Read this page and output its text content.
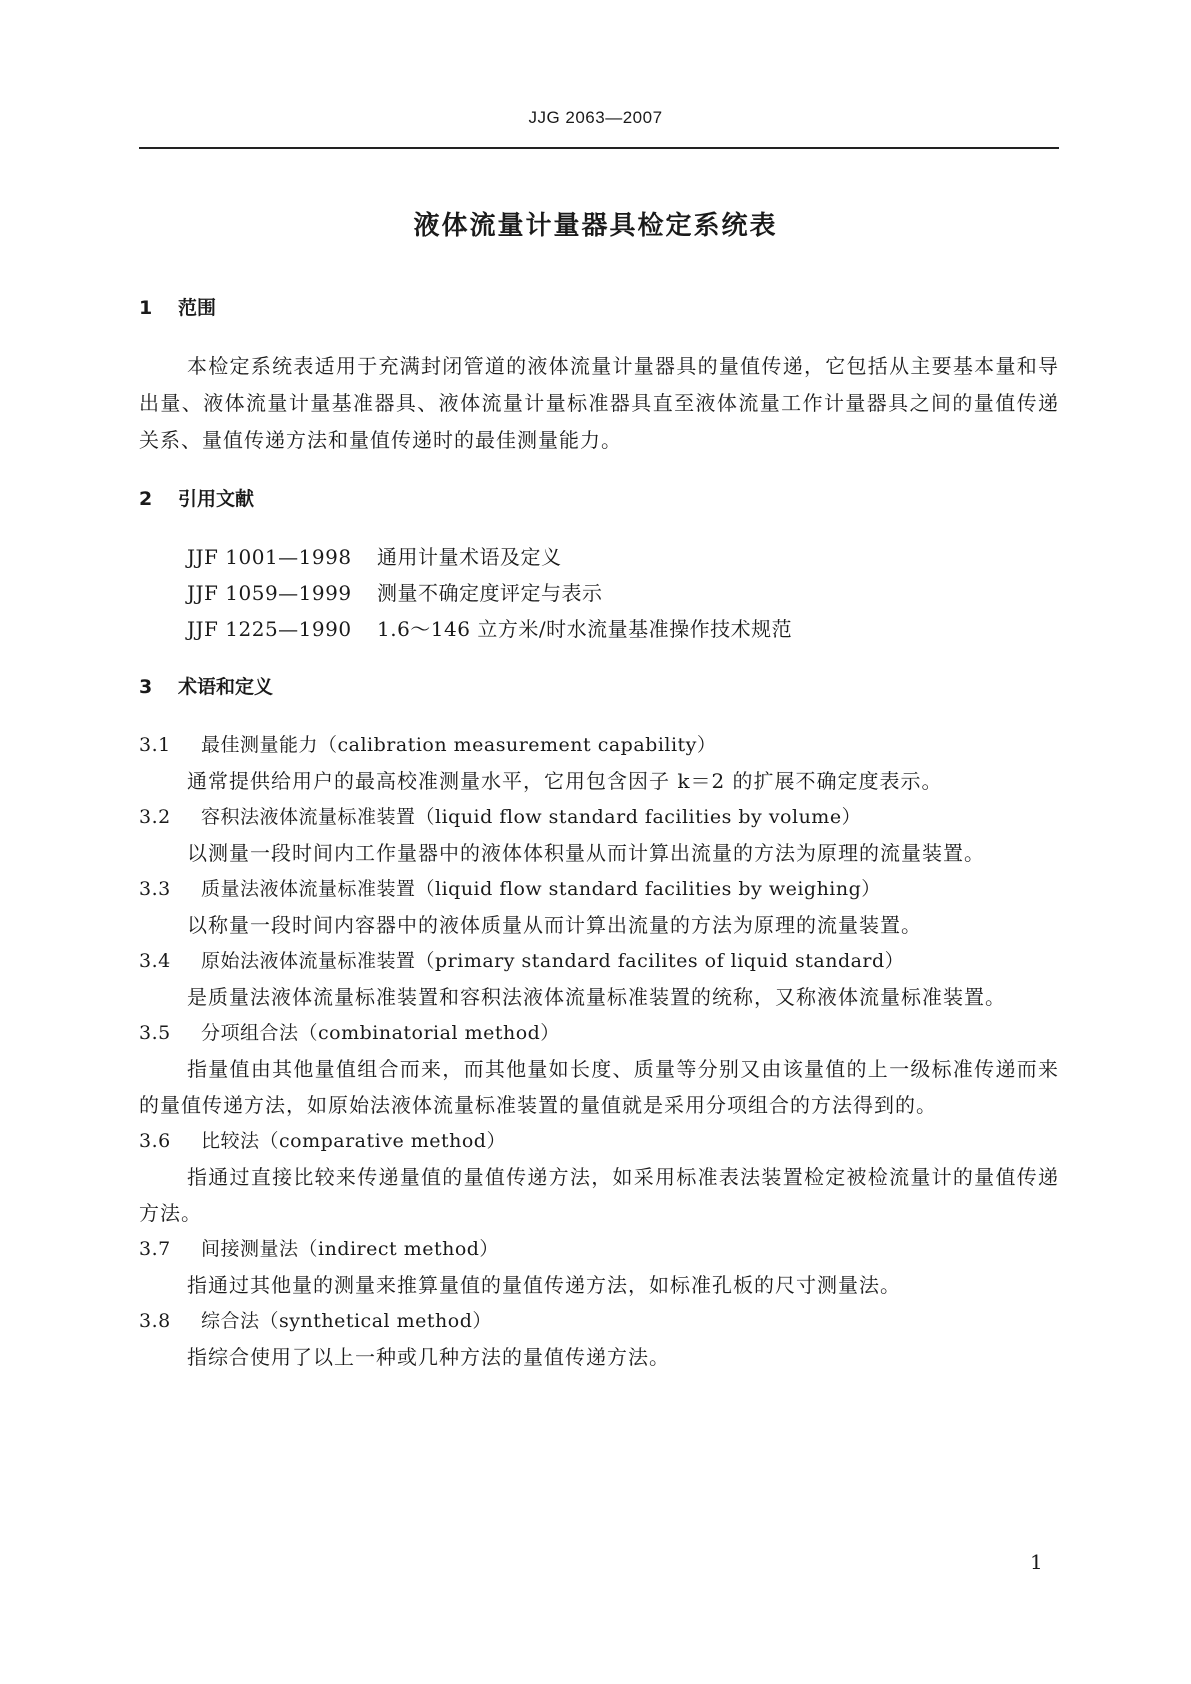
JJG 2063—2007
液体流量计量器具检定系统表
1 范围
本检定系统表适用于充满封闭管道的液体流量计量器具的量值传递，它包括从主要基本量和导出量、液体流量计量基准器具、液体流量计量标准器具直至液体流量工作计量器具之间的量值传递关系、量值传递方法和量值传递时的最佳测量能力。
2 引用文献
JJF 1001—1998 通用计量术语及定义
JJF 1059—1999 测量不确定度评定与表示
JJF 1225—1990 1.6～146 立方米/时水流量基准操作技术规范
3 术语和定义
3.1 最佳测量能力（calibration measurement capability）
通常提供给用户的最高校准测量水平，它用包含因子 k＝2 的扩展不确定度表示。
3.2 容积法液体流量标准装置（liquid flow standard facilities by volume）
以测量一段时间内工作量器中的液体体积量从而计算出流量的方法为原理的流量装置。
3.3 质量法液体流量标准装置（liquid flow standard facilities by weighing）
以称量一段时间内容器中的液体质量从而计算出流量的方法为原理的流量装置。
3.4 原始法液体流量标准装置（primary standard facilites of liquid standard）
是质量法液体流量标准装置和容积法液体流量标准装置的统称，又称液体流量标准装置。
3.5 分项组合法（combinatorial method）
指量值由其他量值组合而来，而其他量如长度、质量等分别又由该量值的上一级标准传递而来的量值传递方法，如原始法液体流量标准装置的量值就是采用分项组合的方法得到的。
3.6 比较法（comparative method）
指通过直接比较来传递量值的量值传递方法，如采用标准表法装置检定被检流量计的量值传递方法。
3.7 间接测量法（indirect method）
指通过其他量的测量来推算量值的量值传递方法，如标准孔板的尺寸测量法。
3.8 综合法（synthetical method）
指综合使用了以上一种或几种方法的量值传递方法。
1
